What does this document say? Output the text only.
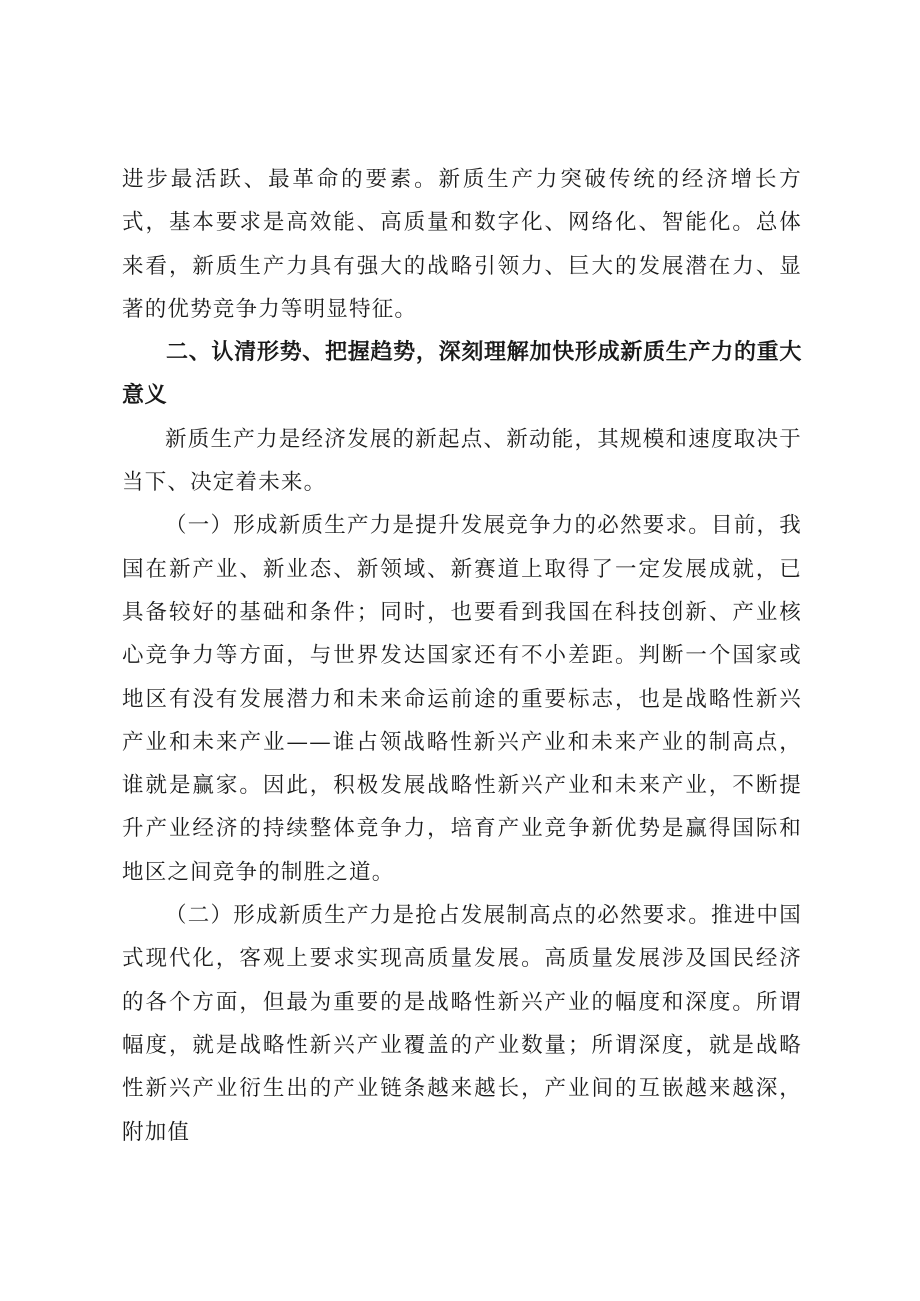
进步最活跃、最革命的要素。新质生产力突破传统的经济增长方式，基本要求是高效能、高质量和数字化、网络化、智能化。总体来看，新质生产力具有强大的战略引领力、巨大的发展潜在力、显著的优势竞争力等明显特征。

二、认清形势、把握趋势，深刻理解加快形成新质生产力的重大意义

新质生产力是经济发展的新起点、新动能，其规模和速度取决于当下、决定着未来。

（一）形成新质生产力是提升发展竞争力的必然要求。目前，我国在新产业、新业态、新领域、新赛道上取得了一定发展成就，已具备较好的基础和条件；同时，也要看到我国在科技创新、产业核心竞争力等方面，与世界发达国家还有不小差距。判断一个国家或地区有没有发展潜力和未来命运前途的重要标志，也是战略性新兴产业和未来产业——谁占领战略性新兴产业和未来产业的制高点，谁就是赢家。因此，积极发展战略性新兴产业和未来产业，不断提升产业经济的持续整体竞争力，培育产业竞争新优势是赢得国际和地区之间竞争的制胜之道。

（二）形成新质生产力是抢占发展制高点的必然要求。推进中国式现代化，客观上要求实现高质量发展。高质量发展涉及国民经济的各个方面，但最为重要的是战略性新兴产业的幅度和深度。所谓幅度，就是战略性新兴产业覆盖的产业数量；所谓深度，就是战略性新兴产业衍生出的产业链条越来越长，产业间的互嵌越来越深，附加值
